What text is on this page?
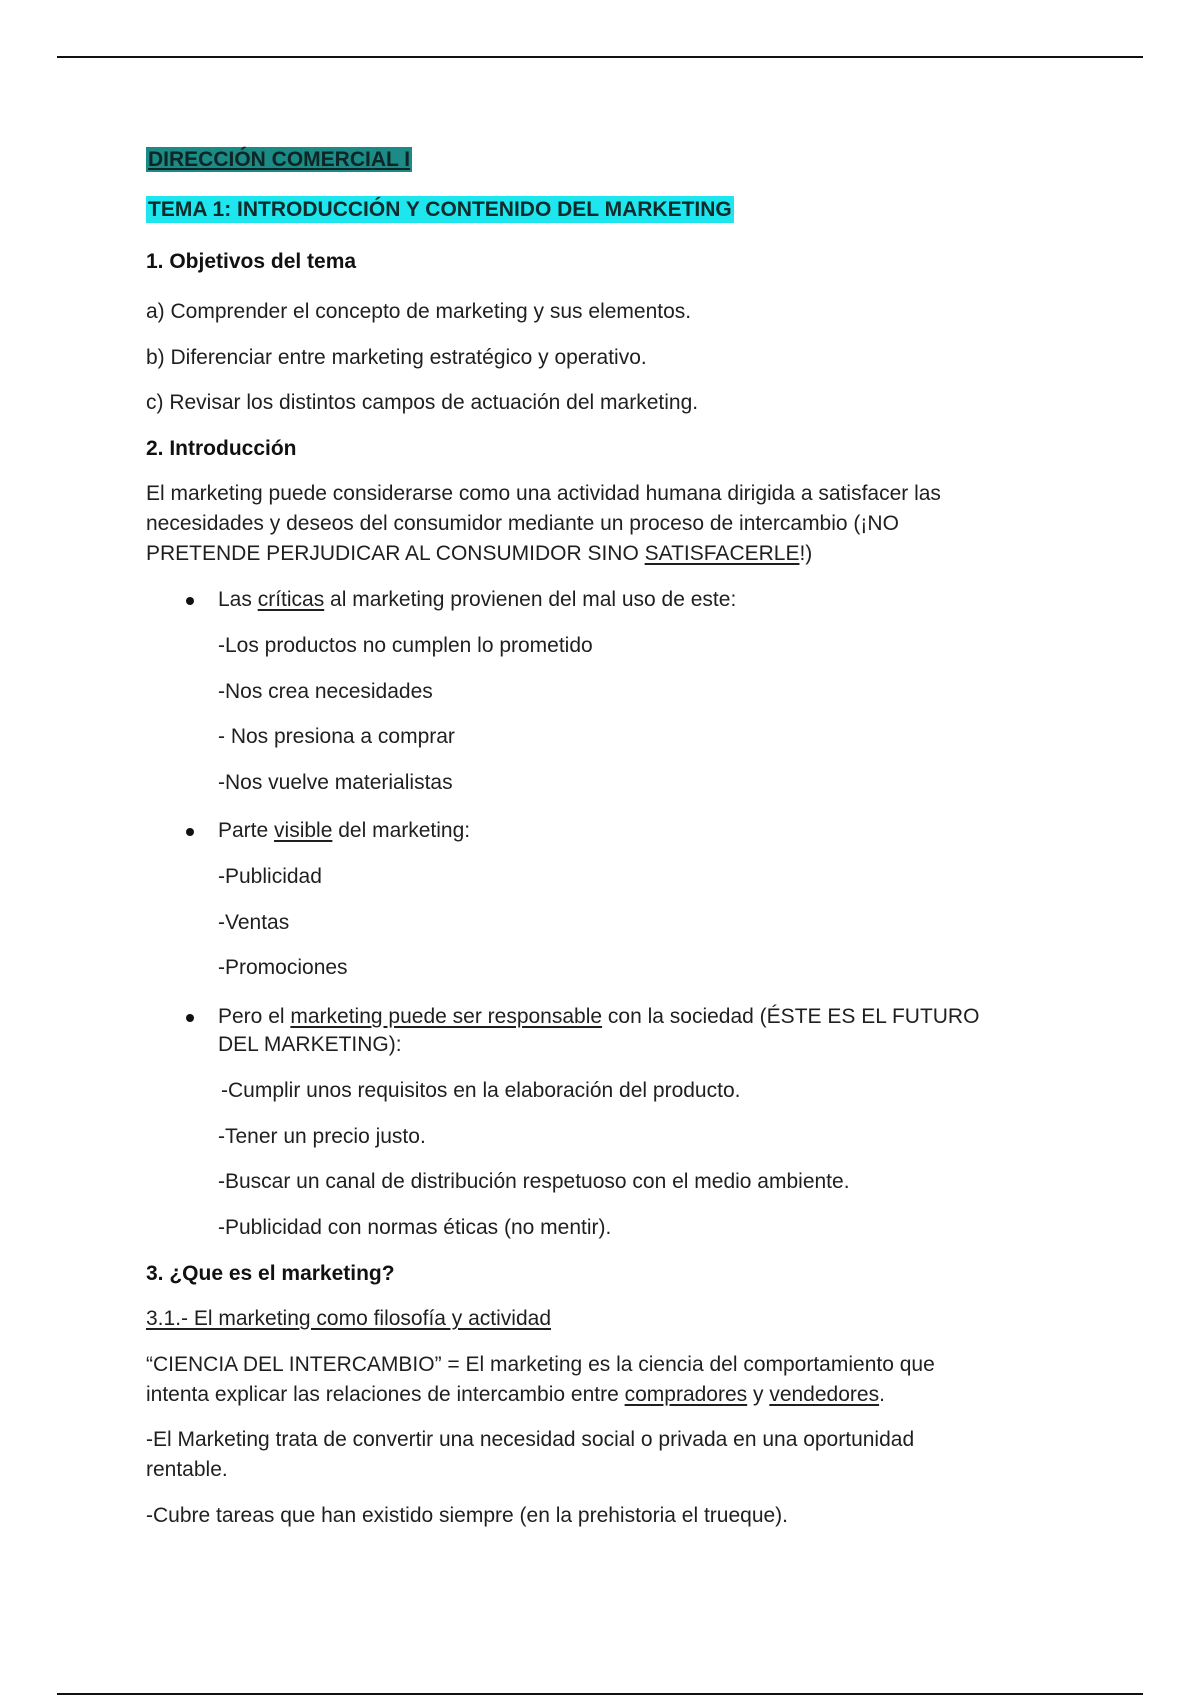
DIRECCIÓN COMERCIAL I
TEMA 1: INTRODUCCIÓN Y CONTENIDO DEL MARKETING
1. Objetivos del tema
a) Comprender el concepto de marketing y sus elementos.
b) Diferenciar entre marketing estratégico y operativo.
c) Revisar los distintos campos de actuación del marketing.
2. Introducción
El marketing puede considerarse como una actividad humana dirigida a satisfacer las
necesidades y deseos del consumidor mediante un proceso de intercambio (¡NO
PRETENDE PERJUDICAR AL CONSUMIDOR SINO SATISFACERLE!)
Las críticas al marketing provienen del mal uso de este:
-Los productos no cumplen lo prometido
-Nos crea necesidades
- Nos presiona a comprar
-Nos vuelve materialistas
Parte visible del marketing:
-Publicidad
-Ventas
-Promociones
Pero el marketing puede ser responsable con la sociedad (ÉSTE ES EL FUTURO
DEL MARKETING):
-Cumplir unos requisitos en la elaboración del producto.
-Tener un precio justo.
-Buscar un canal de distribución respetuoso con el medio ambiente.
-Publicidad con normas éticas (no mentir).
3. ¿Que es el marketing?
3.1.- El marketing como filosofía y actividad
“CIENCIA DEL INTERCAMBIO” = El marketing es la ciencia del comportamiento que
intenta explicar las relaciones de intercambio entre compradores y vendedores.
-El Marketing trata de convertir una necesidad social o privada en una oportunidad
rentable.
-Cubre tareas que han existido siempre (en la prehistoria el trueque).
